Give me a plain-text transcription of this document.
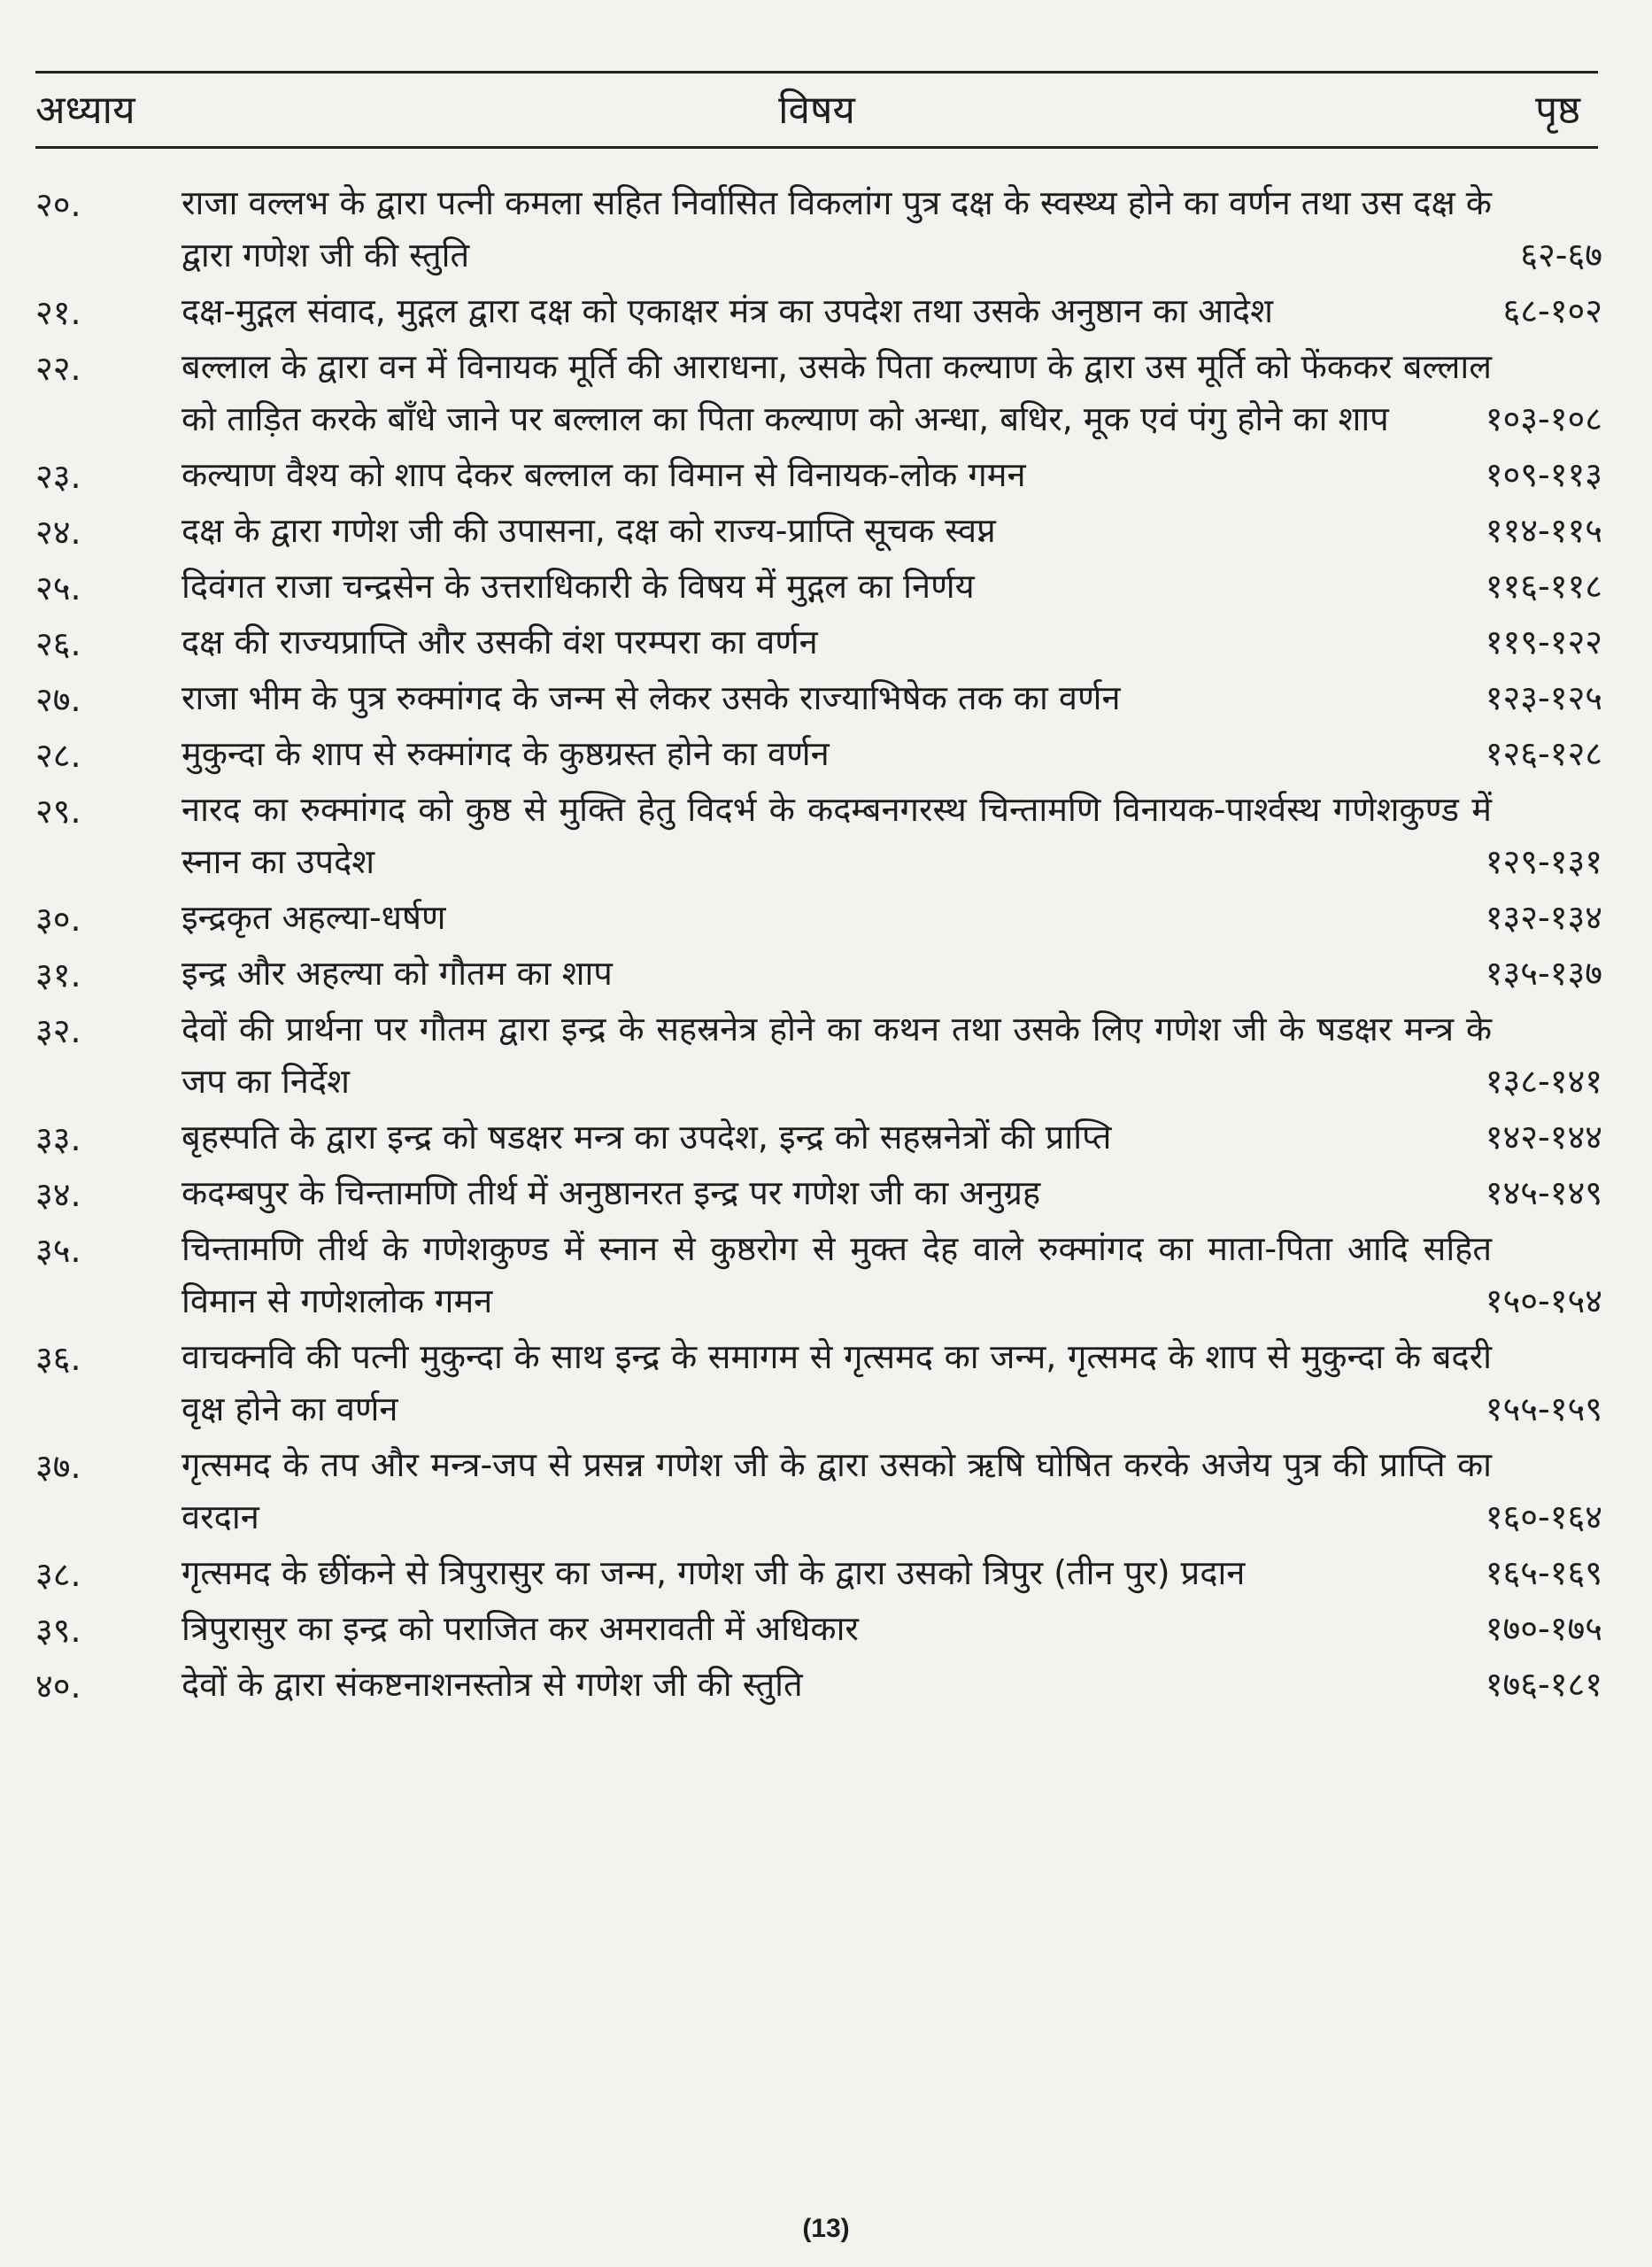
अध्याय	विषय	पृष्ठ
२०.	राजा वल्लभ के द्वारा पत्नी कमला सहित निर्वासित विकलांग पुत्र दक्ष के स्वस्थ्य होने का वर्णन तथा उस दक्ष के द्वारा गणेश जी की स्तुति	६२-६७
२१.	दक्ष-मुद्गल संवाद, मुद्गल द्वारा दक्ष को एकाक्षर मंत्र का उपदेश तथा उसके अनुष्ठान का आदेश	६८-१०२
२२.	बल्लाल के द्वारा वन में विनायक मूर्ति की आराधना, उसके पिता कल्याण के द्वारा उस मूर्ति को फेंककर बल्लाल को ताड़ित करके बाँधे जाने पर बल्लाल का पिता कल्याण को अन्धा, बधिर, मूक एवं पंगु होने का शाप	१०३-१०८
२३.	कल्याण वैश्य को शाप देकर बल्लाल का विमान से विनायक-लोक गमन	१०९-११३
२४.	दक्ष के द्वारा गणेश जी की उपासना, दक्ष को राज्य-प्राप्ति सूचक स्वप्न	११४-११५
२५.	दिवंगत राजा चन्द्रसेन के उत्तराधिकारी के विषय में मुद्गल का निर्णय	११६-११८
२६.	दक्ष की राज्यप्राप्ति और उसकी वंश परम्परा का वर्णन	११९-१२२
२७.	राजा भीम के पुत्र रुक्मांगद के जन्म से लेकर उसके राज्याभिषेक तक का वर्णन	१२३-१२५
२८.	मुकुन्दा के शाप से रुक्मांगद के कुष्ठग्रस्त होने का वर्णन	१२६-१२८
२९.	नारद का रुक्मांगद को कुष्ठ से मुक्ति हेतु विदर्भ के कदम्बनगरस्थ चिन्तामणि विनायक-पार्श्वस्थ गणेशकुण्ड में स्नान का उपदेश	१२९-१३१
३०.	इन्द्रकृत अहल्या-धर्षण	१३२-१३४
३१.	इन्द्र और अहल्या को गौतम का शाप	१३५-१३७
३२.	देवों की प्रार्थना पर गौतम द्वारा इन्द्र के सहस्रनेत्र होने का कथन तथा उसके लिए गणेश जी के षडक्षर मन्त्र के जप का निर्देश	१३८-१४१
३३.	बृहस्पति के द्वारा इन्द्र को षडक्षर मन्त्र का उपदेश, इन्द्र को सहस्रनेत्रों की प्राप्ति	१४२-१४४
३४.	कदम्बपुर के चिन्तामणि तीर्थ में अनुष्ठानरत इन्द्र पर गणेश जी का अनुग्रह	१४५-१४९
३५.	चिन्तामणि तीर्थ के गणेशकुण्ड में स्नान से कुष्ठरोग से मुक्त देह वाले रुक्मांगद का माता-पिता आदि सहित विमान से गणेशलोक गमन	१५०-१५४
३६.	वाचक्नवि की पत्नी मुकुन्दा के साथ इन्द्र के समागम से गृत्समद का जन्म, गृत्समद के शाप से मुकुन्दा के बदरी वृक्ष होने का वर्णन	१५५-१५९
३७.	गृत्समद के तप और मन्त्र-जप से प्रसन्न गणेश जी के द्वारा उसको ऋषि घोषित करके अजेय पुत्र की प्राप्ति का वरदान	१६०-१६४
३८.	गृत्समद के छींकने से त्रिपुरासुर का जन्म, गणेश जी के द्वारा उसको त्रिपुर (तीन पुर) प्रदान	१६५-१६९
३९.	त्रिपुरासुर का इन्द्र को पराजित कर अमरावती में अधिकार	१७०-१७५
४०.	देवों के द्वारा संकष्टनाशनस्तोत्र से गणेश जी की स्तुति	१७६-१८१
(13)
